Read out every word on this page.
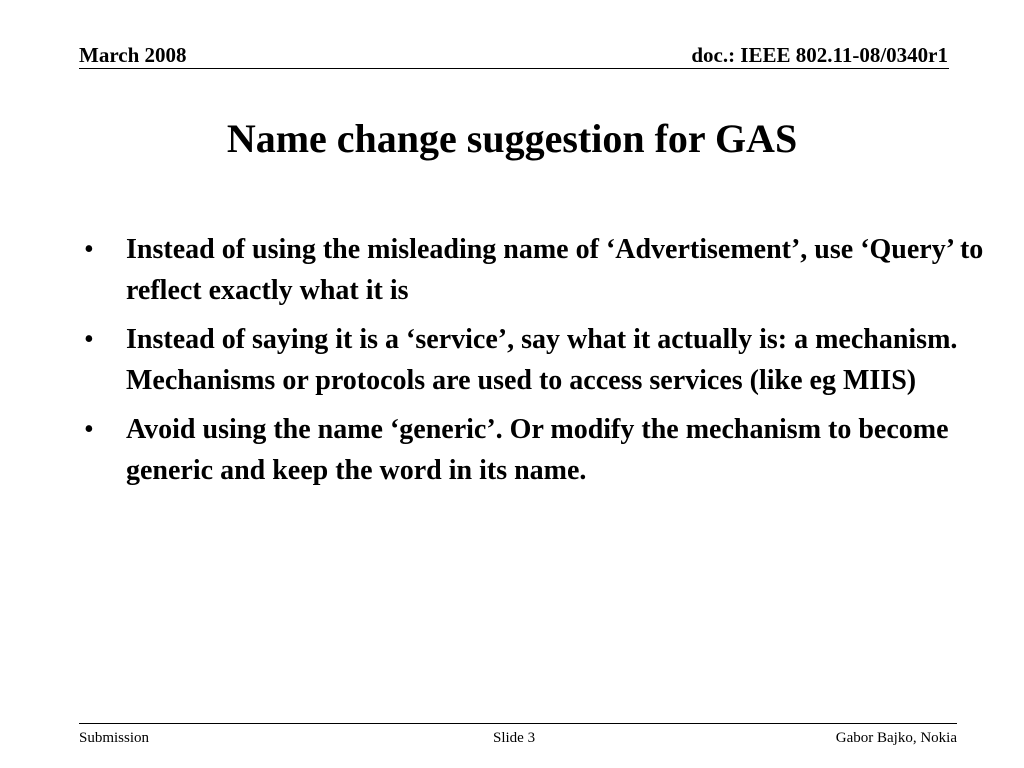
March 2008	doc.: IEEE 802.11-08/0340r1
Name change suggestion for GAS
• Instead of using the misleading name of ‘Advertisement’, use ‘Query’ to reflect exactly what it is
• Instead of saying it is a ‘service’, say what it actually is: a mechanism. Mechanisms or protocols are used to access services (like eg MIIS)
• Avoid using the name ‘generic’. Or modify the mechanism to become generic and keep the word in its name.
Submission	Slide 3	Gabor Bajko, Nokia
